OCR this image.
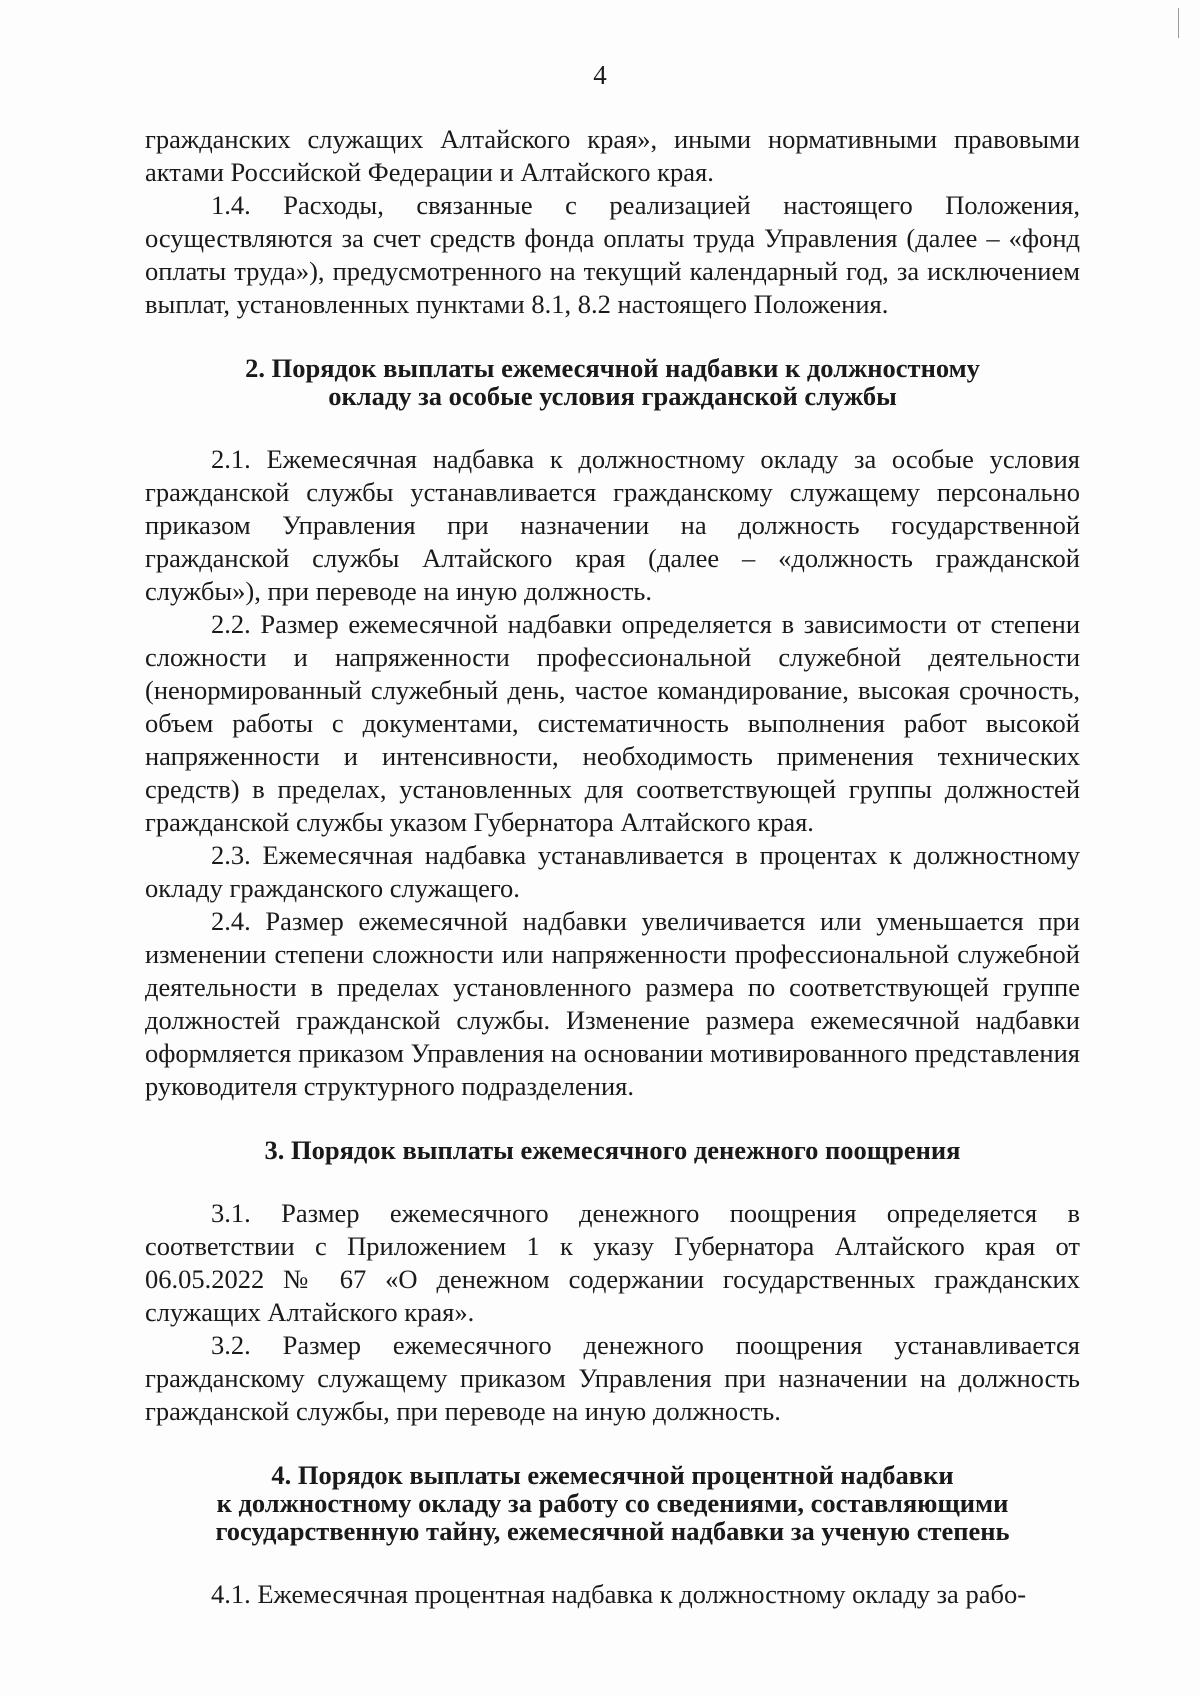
4

гражданских служащих Алтайского края», иными нормативными правовыми актами Российской Федерации и Алтайского края.

1.4. Расходы, связанные с реализацией настоящего Положения, осуществляются за счет средств фонда оплаты труда Управления (далее – «фонд оплаты труда»), предусмотренного на текущий календарный год, за исключением выплат, установленных пунктами 8.1, 8.2 настоящего Положения.

2. Порядок выплаты ежемесячной надбавки к должностному
окладу за особые условия гражданской службы

2.1. Ежемесячная надбавка к должностному окладу за особые условия гражданской службы устанавливается гражданскому служащему персонально приказом Управления при назначении на должность государственной гражданской службы Алтайского края (далее – «должность гражданской службы»), при переводе на иную должность.

2.2. Размер ежемесячной надбавки определяется в зависимости от степени сложности и напряженности профессиональной служебной деятельности (ненормированный служебный день, частое командирование, высокая срочность, объем работы с документами, систематичность выполнения работ высокой напряженности и интенсивности, необходимость применения технических средств) в пределах, установленных для соответствующей группы должностей гражданской службы указом Губернатора Алтайского края.

2.3. Ежемесячная надбавка устанавливается в процентах к должностному окладу гражданского служащего.

2.4. Размер ежемесячной надбавки увеличивается или уменьшается при изменении степени сложности или напряженности профессиональной служебной деятельности в пределах установленного размера по соответствующей группе должностей гражданской службы. Изменение размера ежемесячной надбавки оформляется приказом Управления на основании мотивированного представления руководителя структурного подразделения.

3. Порядок выплаты ежемесячного денежного поощрения

3.1. Размер ежемесячного денежного поощрения определяется в соответствии с Приложением 1 к указу Губернатора Алтайского края от 06.05.2022 № 67 «О денежном содержании государственных гражданских служащих Алтайского края».

3.2. Размер ежемесячного денежного поощрения устанавливается гражданскому служащему приказом Управления при назначении на должность гражданской службы, при переводе на иную должность.

4. Порядок выплаты ежемесячной процентной надбавки
к должностному окладу за работу со сведениями, составляющими
государственную тайну, ежемесячной надбавки за ученую степень

4.1. Ежемесячная процентная надбавка к должностному окладу за рабо-
